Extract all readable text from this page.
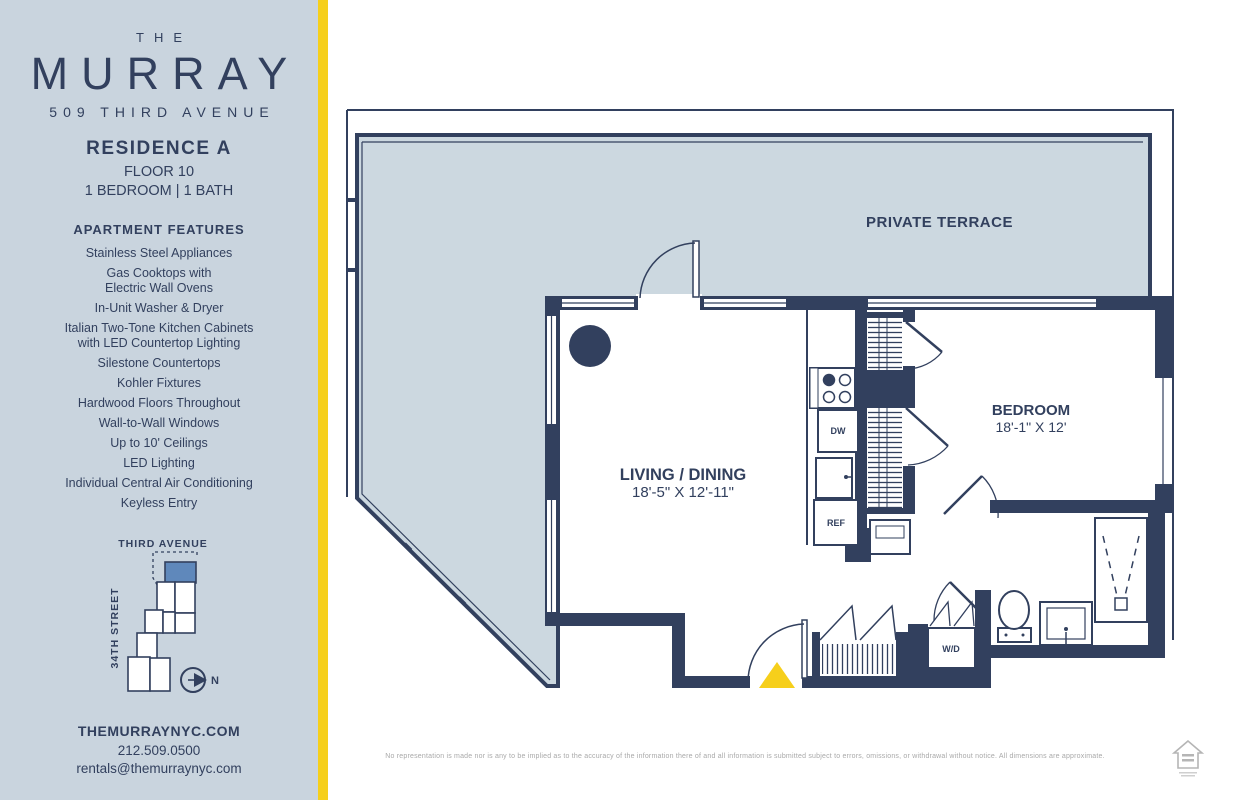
THE
MURRAY
509 THIRD AVENUE
RESIDENCE A
FLOOR 10
1 BEDROOM | 1 BATH
APARTMENT FEATURES
Stainless Steel Appliances
Gas Cooktops with
Electric Wall Ovens
In-Unit Washer & Dryer
Italian Two-Tone Kitchen Cabinets
with LED Countertop Lighting
Silestone Countertops
Kohler Fixtures
Hardwood Floors Throughout
Wall-to-Wall Windows
Up to 10' Ceilings
LED Lighting
Individual Central Air Conditioning
Keyless Entry
THIRD AVENUE
34TH STREET
N
THEMURRAYNYC.COM
212.509.0500
rentals@themurraynyc.com
PRIVATE TERRACE
W/D
DW
REF
LIVING / DINING
18'-5" X 12'-11"
BEDROOM
18'-1" X 12'
No representation is made nor is any to be implied as to the accuracy of the information there of and all information is submitted subject to errors, omissions, or withdrawal without notice. All dimensions are approximate.
